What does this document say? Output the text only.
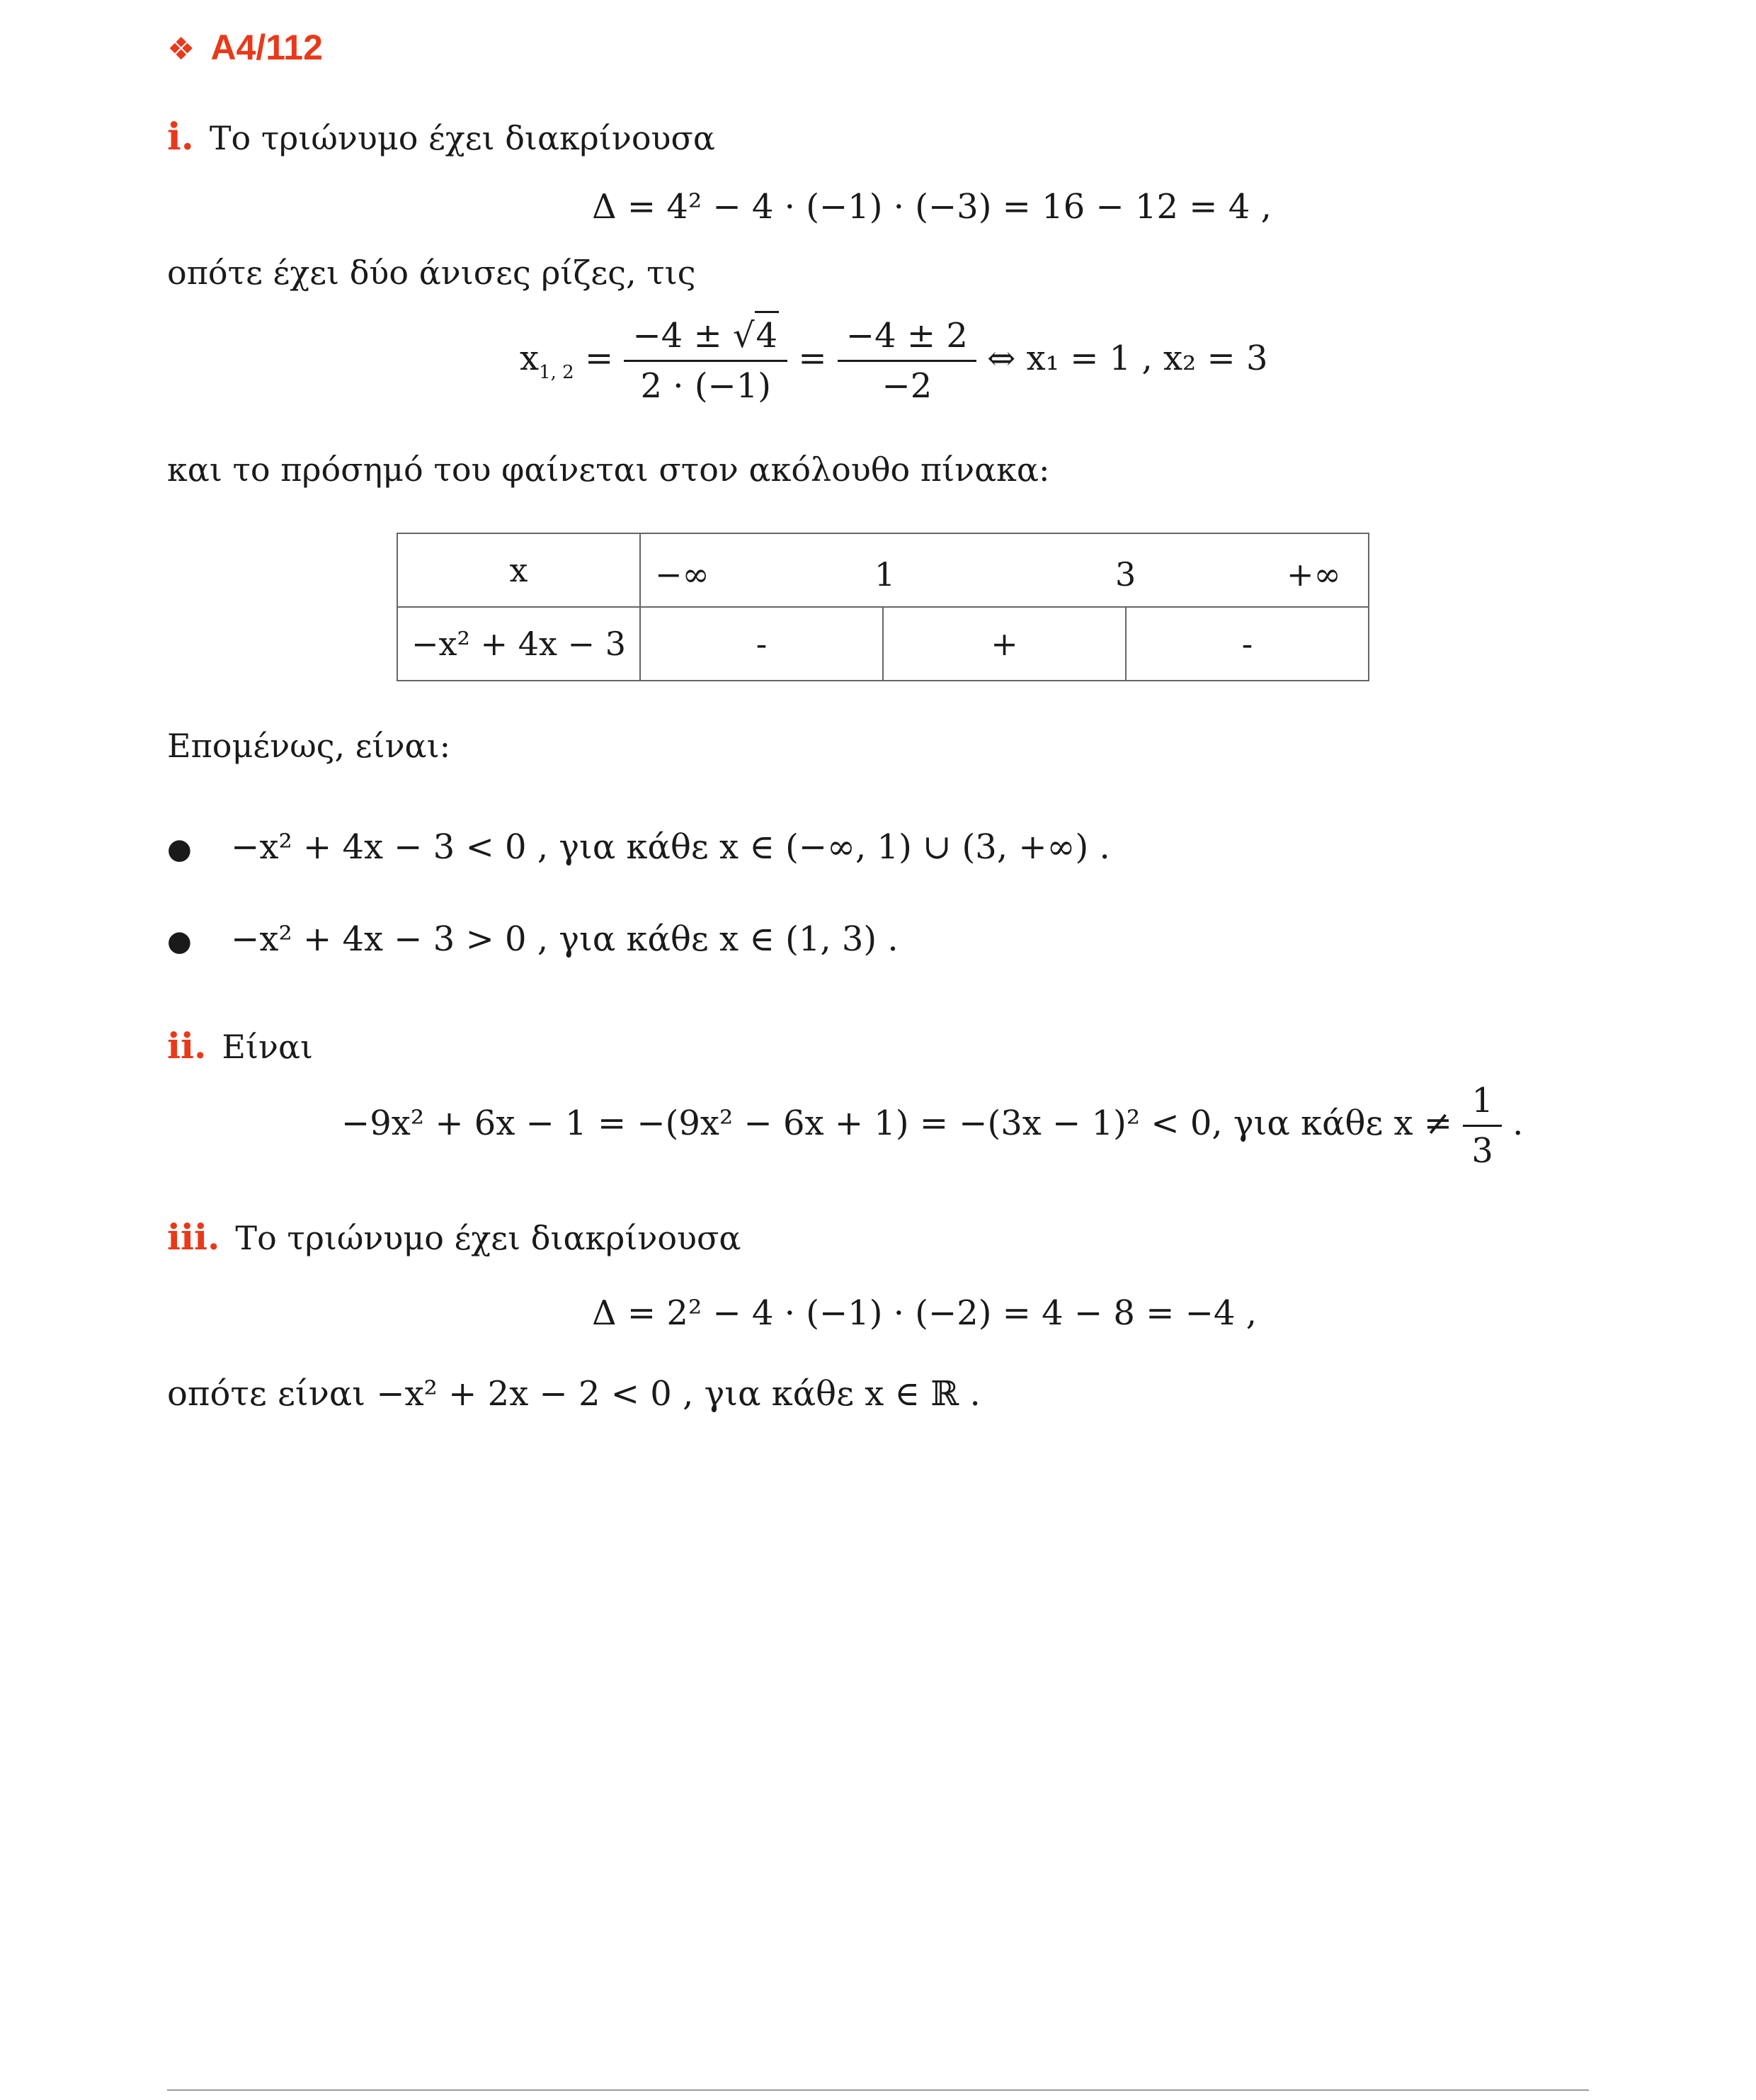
❖ A4/112
i. Το τριώνυμο έχει διακρίνουσα
Δ = 4² − 4 · (−1) · (−3) = 16 − 12 = 4 ,
οπότε έχει δύο άνισες ρίζες, τις
$x_{1, 2} = \frac{-4 \pm √4}{2 \cdot (-1)} = \frac{-4 \pm 2}{-2}$ ⇔ x₁ = 1 , x₂ = 3
και το πρόσημό του φαίνεται στον ακόλουθο πίνακα:
x	−∞ 1 3 +∞		

−x² + 4x − 3	-	+	-
Επομένως, είναι:
● −x² + 4x − 3 < 0 , για κάθε x ∈ (−∞, 1) ∪ (3, +∞) .
● −x² + 4x − 3 > 0 , για κάθε x ∈ (1, 3) .
ii. Είναι
−9x² + 6x − 1 = −(9x² − 6x + 1) = −(3x − 1)² < 0, για κάθε $x \ne \frac{1}{3}$ .
iii. Το τριώνυμο έχει διακρίνουσα
Δ = 2² − 4 · (−1) · (−2) = 4 − 8 = −4 ,
οπότε είναι −x² + 2x − 2 < 0 , για κάθε x ∈ ℝ .
